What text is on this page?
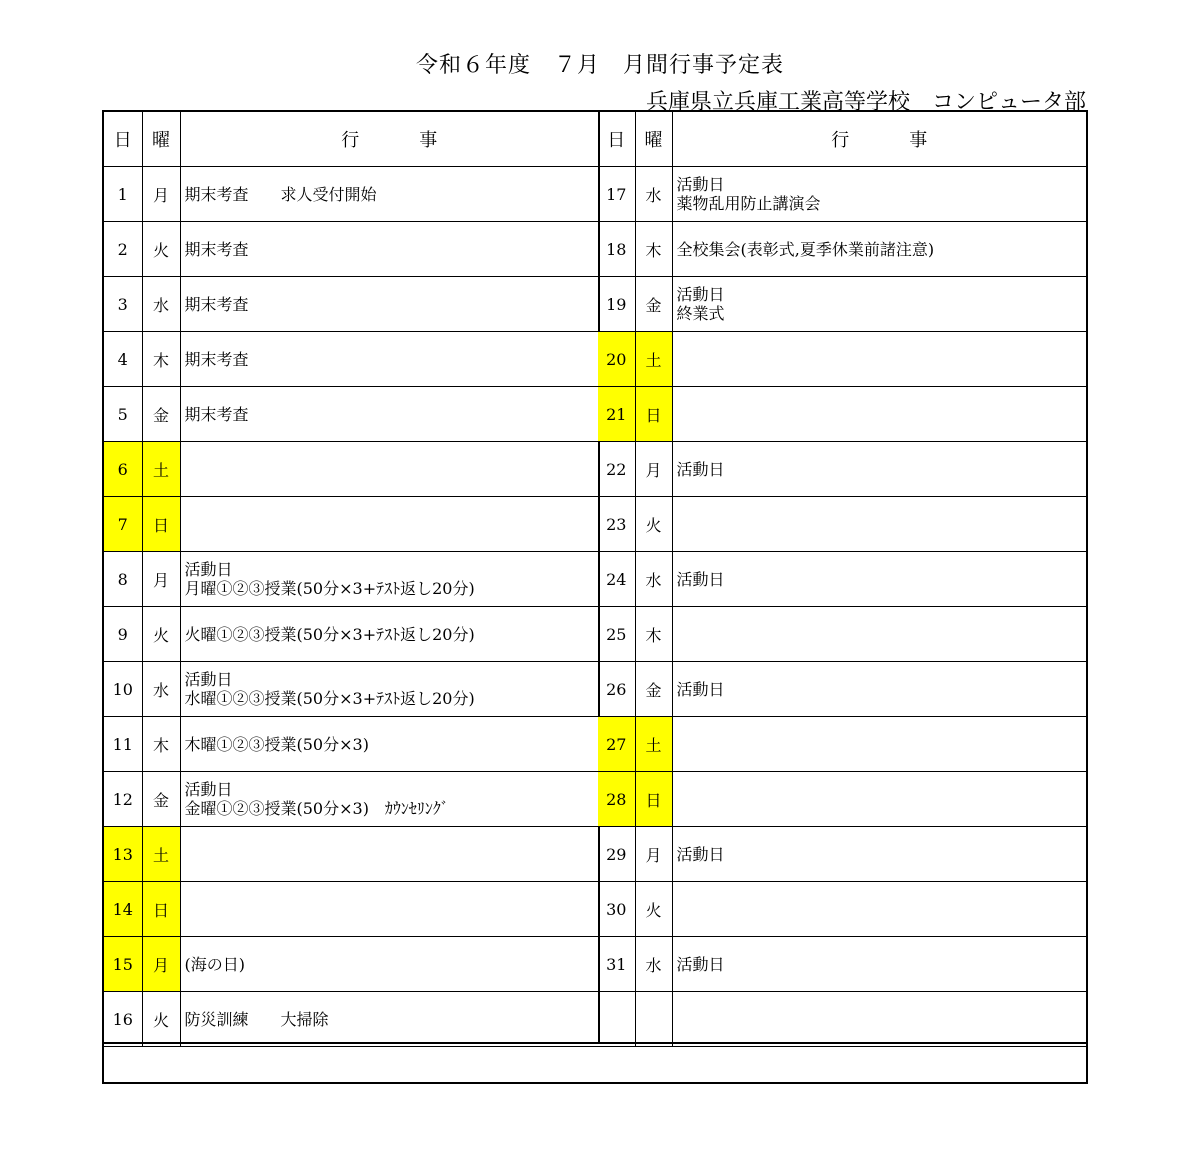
令和６年度　７月　月間行事予定表
兵庫県立兵庫工業高等学校　コンピュータ部
日	曜	行事
1	月	期末考査　　求人受付開始
2	火	期末考査
3	水	期末考査
4	木	期末考査
5	金	期末考査
6	土	
7	日	
8	月	活動日
月曜①②③授業(50分×3+ﾃｽﾄ返し20分)
9	火	火曜①②③授業(50分×3+ﾃｽﾄ返し20分)
10	水	活動日
水曜①②③授業(50分×3+ﾃｽﾄ返し20分)
11	木	木曜①②③授業(50分×3)
12	金	活動日
金曜①②③授業(50分×3)　ｶｳﾝｾﾘﾝｸﾞ
13	土	
14	日	
15	月	(海の日)
16	火	防災訓練　　大掃除
日	曜	行事
17	水	活動日
薬物乱用防止講演会
18	木	全校集会(表彰式,夏季休業前諸注意)
19	金	活動日
終業式
20	土	
21	日	
22	月	活動日
23	火	
24	水	活動日
25	木	
26	金	活動日
27	土	
28	日	
29	月	活動日
30	火	
31	水	活動日
